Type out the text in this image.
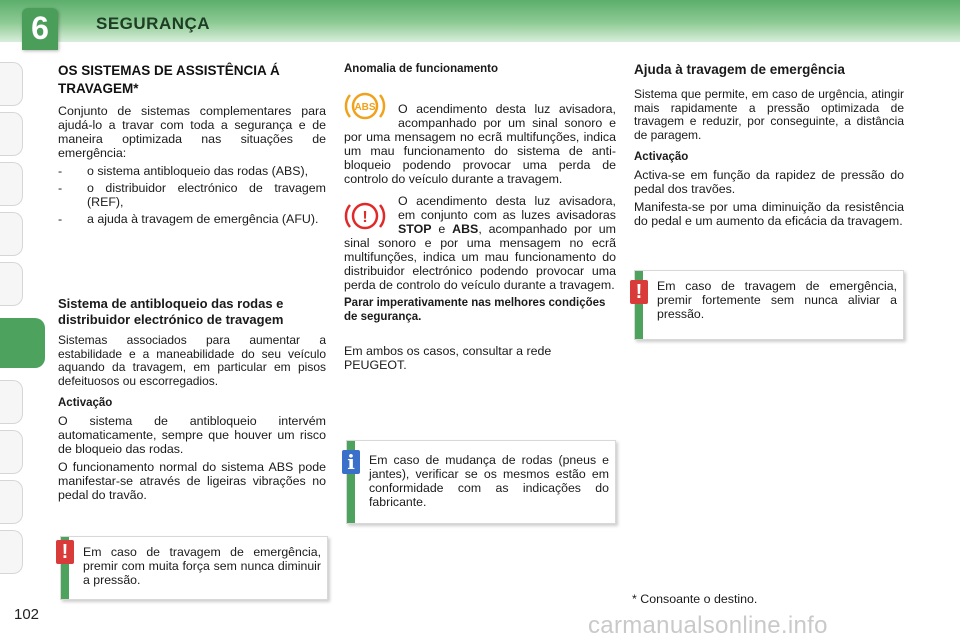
6	SEGURANÇA
OS SISTEMAS DE ASSISTÊNCIA Á TRAVAGEM*

Conjunto de sistemas complementares para ajudá-lo a travar com toda a segurança e de maneira optimizada nas situações de emergência:

- o sistema antibloqueio das rodas (ABS),
- o distribuidor electrónico de travagem (REF),
- a ajuda à travagem de emergência (AFU).
Sistema de antibloqueio das rodas e distribuidor electrónico de travagem

Sistemas associados para aumentar a estabilidade e a maneabilidade do seu veículo aquando da travagem, em particular em pisos defeituosos ou escorregadios.

Activação

O sistema de antibloqueio intervém automaticamente, sempre que houver um risco de bloqueio das rodas.

O funcionamento normal do sistema ABS pode manifestar-se através de ligeiras vibrações no pedal do travão.

Em caso de travagem de emergência, premir com muita força sem nunca diminuir a pressão.
!
Anomalia de funcionamento
ABS	O acendimento desta luz avisadora, acompanhado por um sinal sonoro e por uma mensagem no ecrã multifunções, indica um mau funcionamento do sistema de anti-bloqueio podendo provocar uma perda de controlo do veículo durante a travagem.

!

O acendimento desta luz avisadora, em conjunto com as luzes avisadoras STOP e ABS, acompanhado por um sinal sonoro e por uma mensagem no ecrã multifunções, indica um mau funcionamento do distribuidor electrónico podendo provocar uma perda de controlo do veículo durante a travagem.

Parar imperativamente nas melhores condições de segurança.

Em ambos os casos, consultar a rede PEUGEOT.

Em caso de mudança de rodas (pneus e jantes), verificar se os mesmos estão em conformidade com as indicações do fabricante.
i
Ajuda à travagem de emergência

Sistema que permite, em caso de urgência, atingir mais rapidamente a pressão optimizada de travagem e reduzir, por conseguinte, a distância de paragem.

Activação

Activa-se em função da rapidez de pressão do pedal dos travões.

Manifesta-se por uma diminuição da resistência do pedal e um aumento da eficácia da travagem.

Em caso de travagem de emergência, premir fortemente sem nunca aliviar a pressão.
!
* Consoante o destino.
102	carmanualsonline.info
